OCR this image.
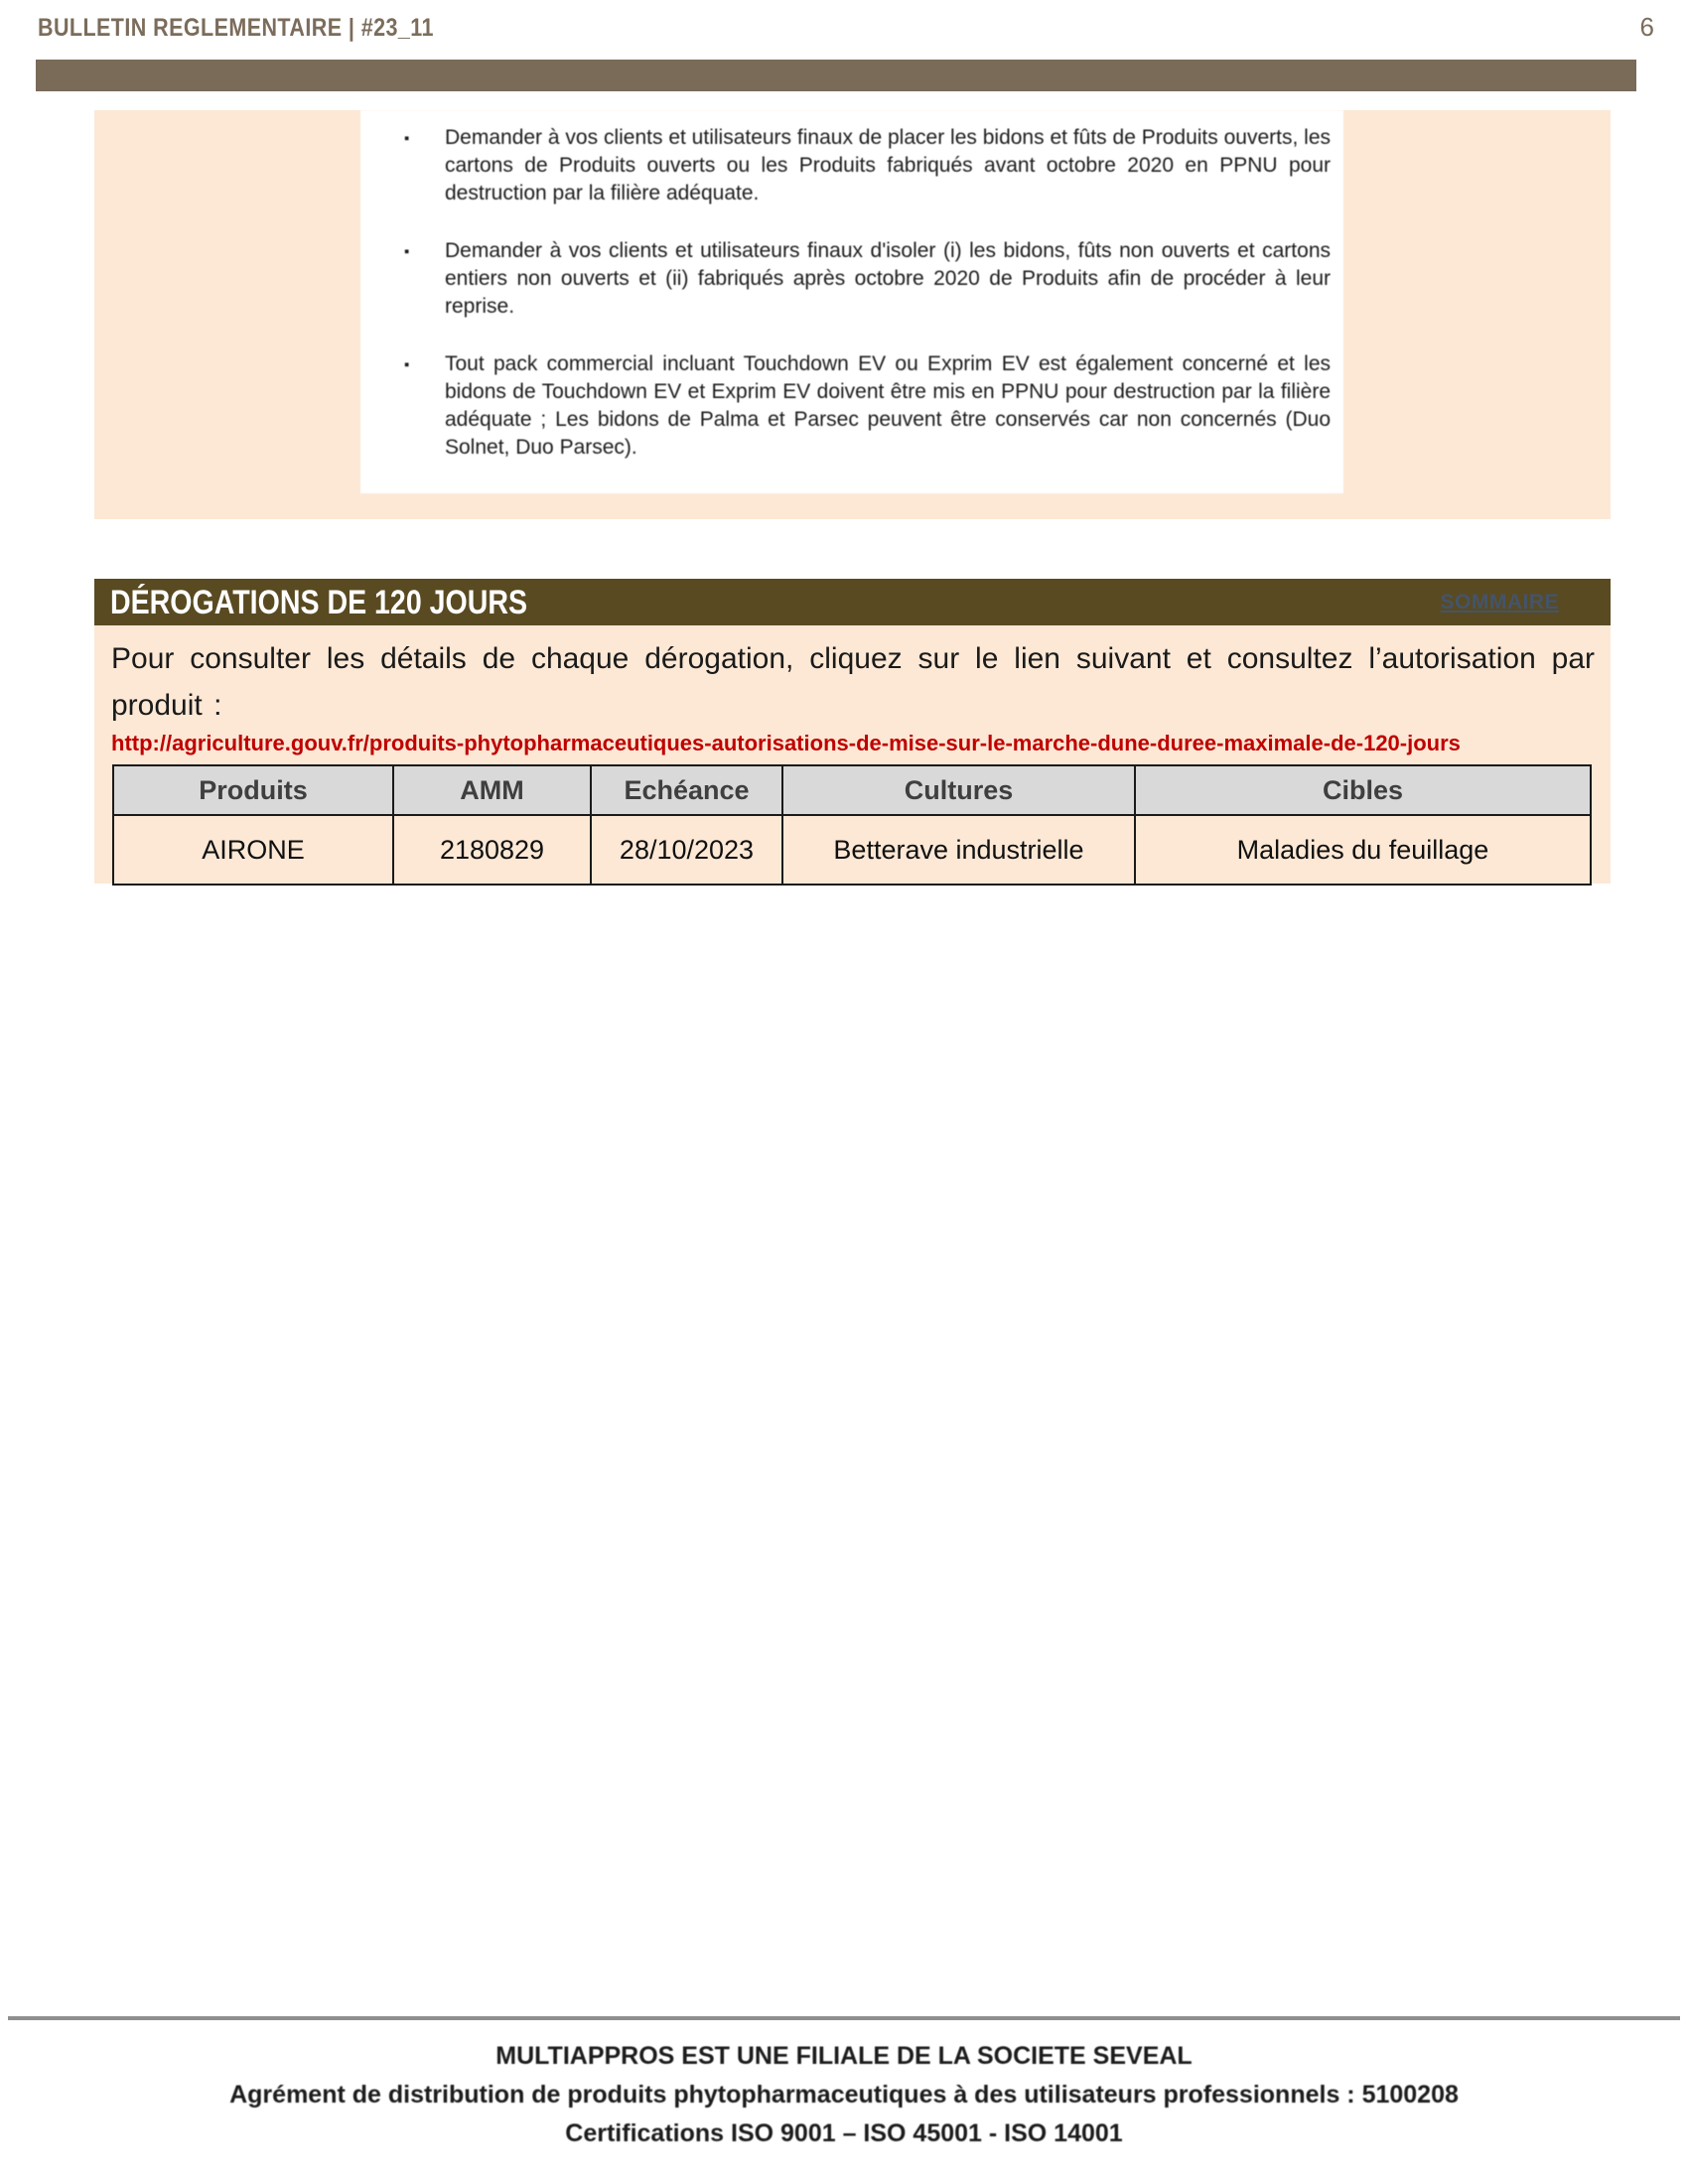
BULLETIN REGLEMENTAIRE | #23_11	6
▪ Demander à vos clients et utilisateurs finaux de placer les bidons et fûts de Produits ouverts, les cartons de Produits ouverts ou les Produits fabriqués avant octobre 2020 en PPNU pour destruction par la filière adéquate.

▪ Demander à vos clients et utilisateurs finaux d'isoler (i) les bidons, fûts non ouverts et cartons entiers non ouverts et (ii) fabriqués après octobre 2020 de Produits afin de procéder à leur reprise.

▪ Tout pack commercial incluant Touchdown EV ou Exprim EV est également concerné et les bidons de Touchdown EV et Exprim EV doivent être mis en PPNU pour destruction par la filière adéquate ; Les bidons de Palma et Parsec peuvent être conservés car non concernés (Duo Solnet, Duo Parsec).

DÉROGATIONS DE 120 JOURS	SOMMAIRE

Pour consulter les détails de chaque dérogation, cliquez sur le lien suivant et consultez l’autorisation par produit :

http://agriculture.gouv.fr/produits-phytopharmaceutiques-autorisations-de-mise-sur-le-marche-dune-duree-maximale-de-120-jours
Produits	AMM	Echéance	Cultures	Cibles
AIRONE	2180829	28/10/2023	Betterave industrielle	Maladies du feuillage

MULTIAPPROS EST UNE FILIALE DE LA SOCIETE SEVEAL

Agrément de distribution de produits phytopharmaceutiques à des utilisateurs professionnels : 5100208

Certifications ISO 9001 – ISO 45001 - ISO 14001
